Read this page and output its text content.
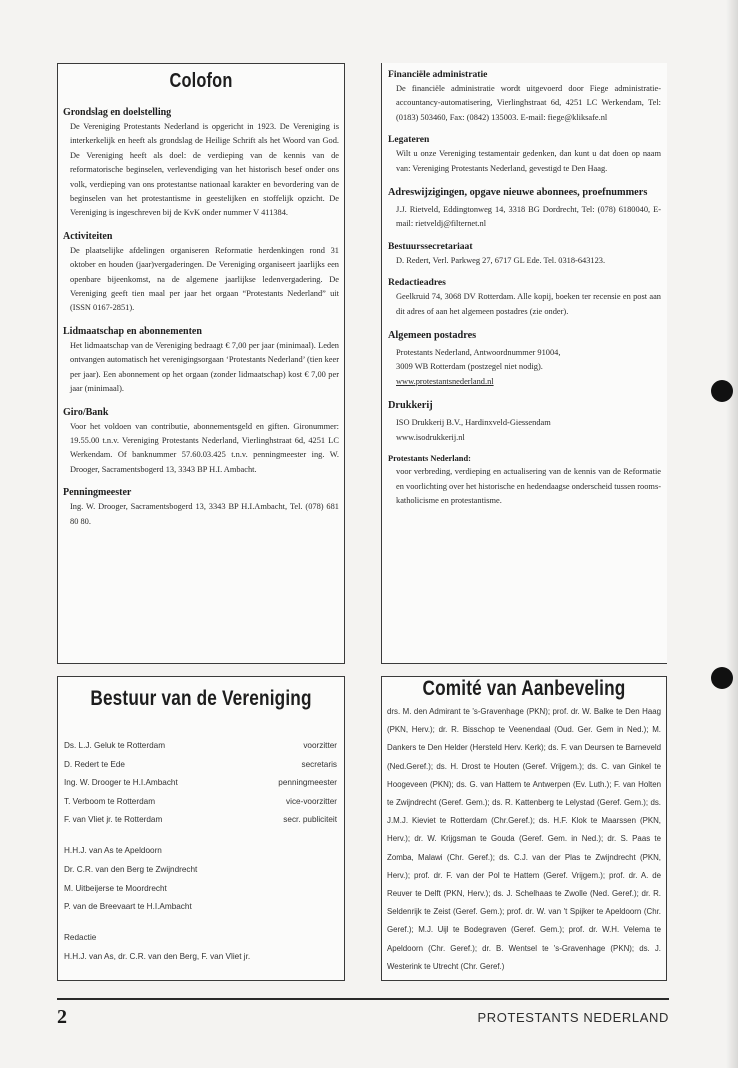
Colofon

Grondslag en doelstelling

De Vereniging Protestants Nederland is opgericht in 1923. De Vereniging is interkerkelijk en heeft als grondslag de Heilige Schrift als het Woord van God. De Vereniging heeft als doel: de verdieping van de kennis van de reformatorische beginselen, verlevendiging van het historisch besef onder ons volk, verdieping van ons protestantse nationaal karakter en bevordering van de beginselen van het protestantisme in geestelijken en stoffelijk opzicht. De Vereniging is ingeschreven bij de KvK onder nummer V 411384.

Activiteiten

De plaatselijke afdelingen organiseren Reformatie herdenkingen rond 31 oktober en houden (jaar)vergaderingen. De Vereniging organiseert jaarlijks een openbare bijeenkomst, na de algemene jaarlijkse ledenvergadering. De Vereniging geeft tien maal per jaar het orgaan “Protestants Nederland” uit (ISSN 0167-2851).

Lidmaatschap en abonnementen

Het lidmaatschap van de Vereniging bedraagt € 7,00 per jaar (minimaal). Leden ontvangen automatisch het verenigingsorgaan ‘Protestants Nederland’ (tien keer per jaar). Een abonnement op het orgaan (zonder lidmaatschap) kost € 7,00 per jaar (minimaal).

Giro/Bank

Voor het voldoen van contributie, abonnementsgeld en giften. Gironummer: 19.55.00 t.n.v. Vereniging Protestants Nederland, Vierlinghstraat 6d, 4251 LC Werkendam. Of banknummer 57.60.03.425 t.n.v. penningmeester ing. W. Drooger, Sacramentsbogerd 13, 3343 BP H.I. Ambacht.

Penningmeester

Ing. W. Drooger, Sacramentsbogerd 13, 3343 BP H.I.Ambacht, Tel. (078) 681 80 80.

Financiële administratie

De financiële administratie wordt uitgevoerd door Fiege administratie-accountancy-automatisering, Vierlinghstraat 6d, 4251 LC Werkendam, Tel: (0183) 503460, Fax: (0842) 135003. E-mail: fiege@kliksafe.nl

Legateren

Wilt u onze Vereniging testamentair gedenken, dan kunt u dat doen op naam van: Vereniging Protestants Nederland, gevestigd te Den Haag.

Adreswijzigingen, opgave nieuwe abonnees, proefnummers

J.J. Rietveld, Eddingtonweg 14, 3318 BG Dordrecht, Tel: (078) 6180040, E-mail: rietveldj@filternet.nl

Bestuurssecretariaat

D. Redert, Verl. Parkweg 27, 6717 GL Ede. Tel. 0318-643123.

Redactieadres

Geelkruid 74, 3068 DV Rotterdam. Alle kopij, boeken ter recensie en post aan dit adres of aan het algemeen postadres (zie onder).

Algemeen postadres

Protestants Nederland, Antwoordnummer 91004,
3009 WB Rotterdam (postzegel niet nodig).
www.protestantsnederland.nl

Drukkerij

ISO Drukkerij B.V., Hardinxveld-Giessendam
www.isodrukkerij.nl

Protestants Nederland:

voor verbreding, verdieping en actualisering van de kennis van de Reformatie en voorlichting over het historische en hedendaagse onderscheid tussen rooms-katholicisme en protestantisme.

Bestuur van de Vereniging
Ds. L.J. Geluk te Rotterdam	voorzitter
D. Redert te Ede	secretaris
Ing. W. Drooger te H.I.Ambacht	penningmeester
T. Verboom te Rotterdam	vice-voorzitter
F. van Vliet jr. te Rotterdam	secr. publiciteit
H.H.J. van As te Apeldoorn
Dr. C.R. van den Berg te Zwijndrecht
M. Uitbeijerse te Moordrecht
P. van de Breevaart te H.I.Ambacht
Redactie
H.H.J. van As, dr. C.R. van den Berg, F. van Vliet jr.
Comité van Aanbeveling

drs. M. den Admirant te 's-Gravenhage (PKN); prof. dr. W. Balke te Den Haag (PKN, Herv.); dr. R. Bisschop te Veenendaal (Oud. Ger. Gem in Ned.); M. Dankers te Den Helder (Hersteld Herv. Kerk); ds. F. van Deursen te Barneveld (Ned.Geref.); ds. H. Drost te Houten (Geref. Vrijgem.); ds. C. van Ginkel te Hoogeveen (PKN); ds. G. van Hattem te Antwerpen (Ev. Luth.); F. van Holten te Zwijndrecht (Geref. Gem.); ds. R. Kattenberg te Lelystad (Geref. Gem.); ds. J.M.J. Kieviet te Rotterdam (Chr.Geref.); ds. H.F. Klok te Maarssen (PKN, Herv.); dr. W. Krijgsman te Gouda (Geref. Gem. in Ned.); dr. S. Paas te Zomba, Malawi (Chr. Geref.); ds. C.J. van der Plas te Zwijndrecht (PKN, Herv.); prof. dr. F. van der Pol te Hattem (Geref. Vrijgem.); prof. dr. A. de Reuver te Delft (PKN, Herv.); ds. J. Schelhaas te Zwolle (Ned. Geref.); dr. R. Seldenrijk te Zeist (Geref. Gem.); prof. dr. W. van 't Spijker te Apeldoorn (Chr. Geref.); M.J. Uijl te Bodegraven (Geref. Gem.); prof. dr. W.H. Velema te Apeldoorn (Chr. Geref.); dr. B. Wentsel te 's-Gravenhage (PKN); ds. J. Westerink te Utrecht (Chr. Geref.)

2	PROTESTANTS NEDERLAND
